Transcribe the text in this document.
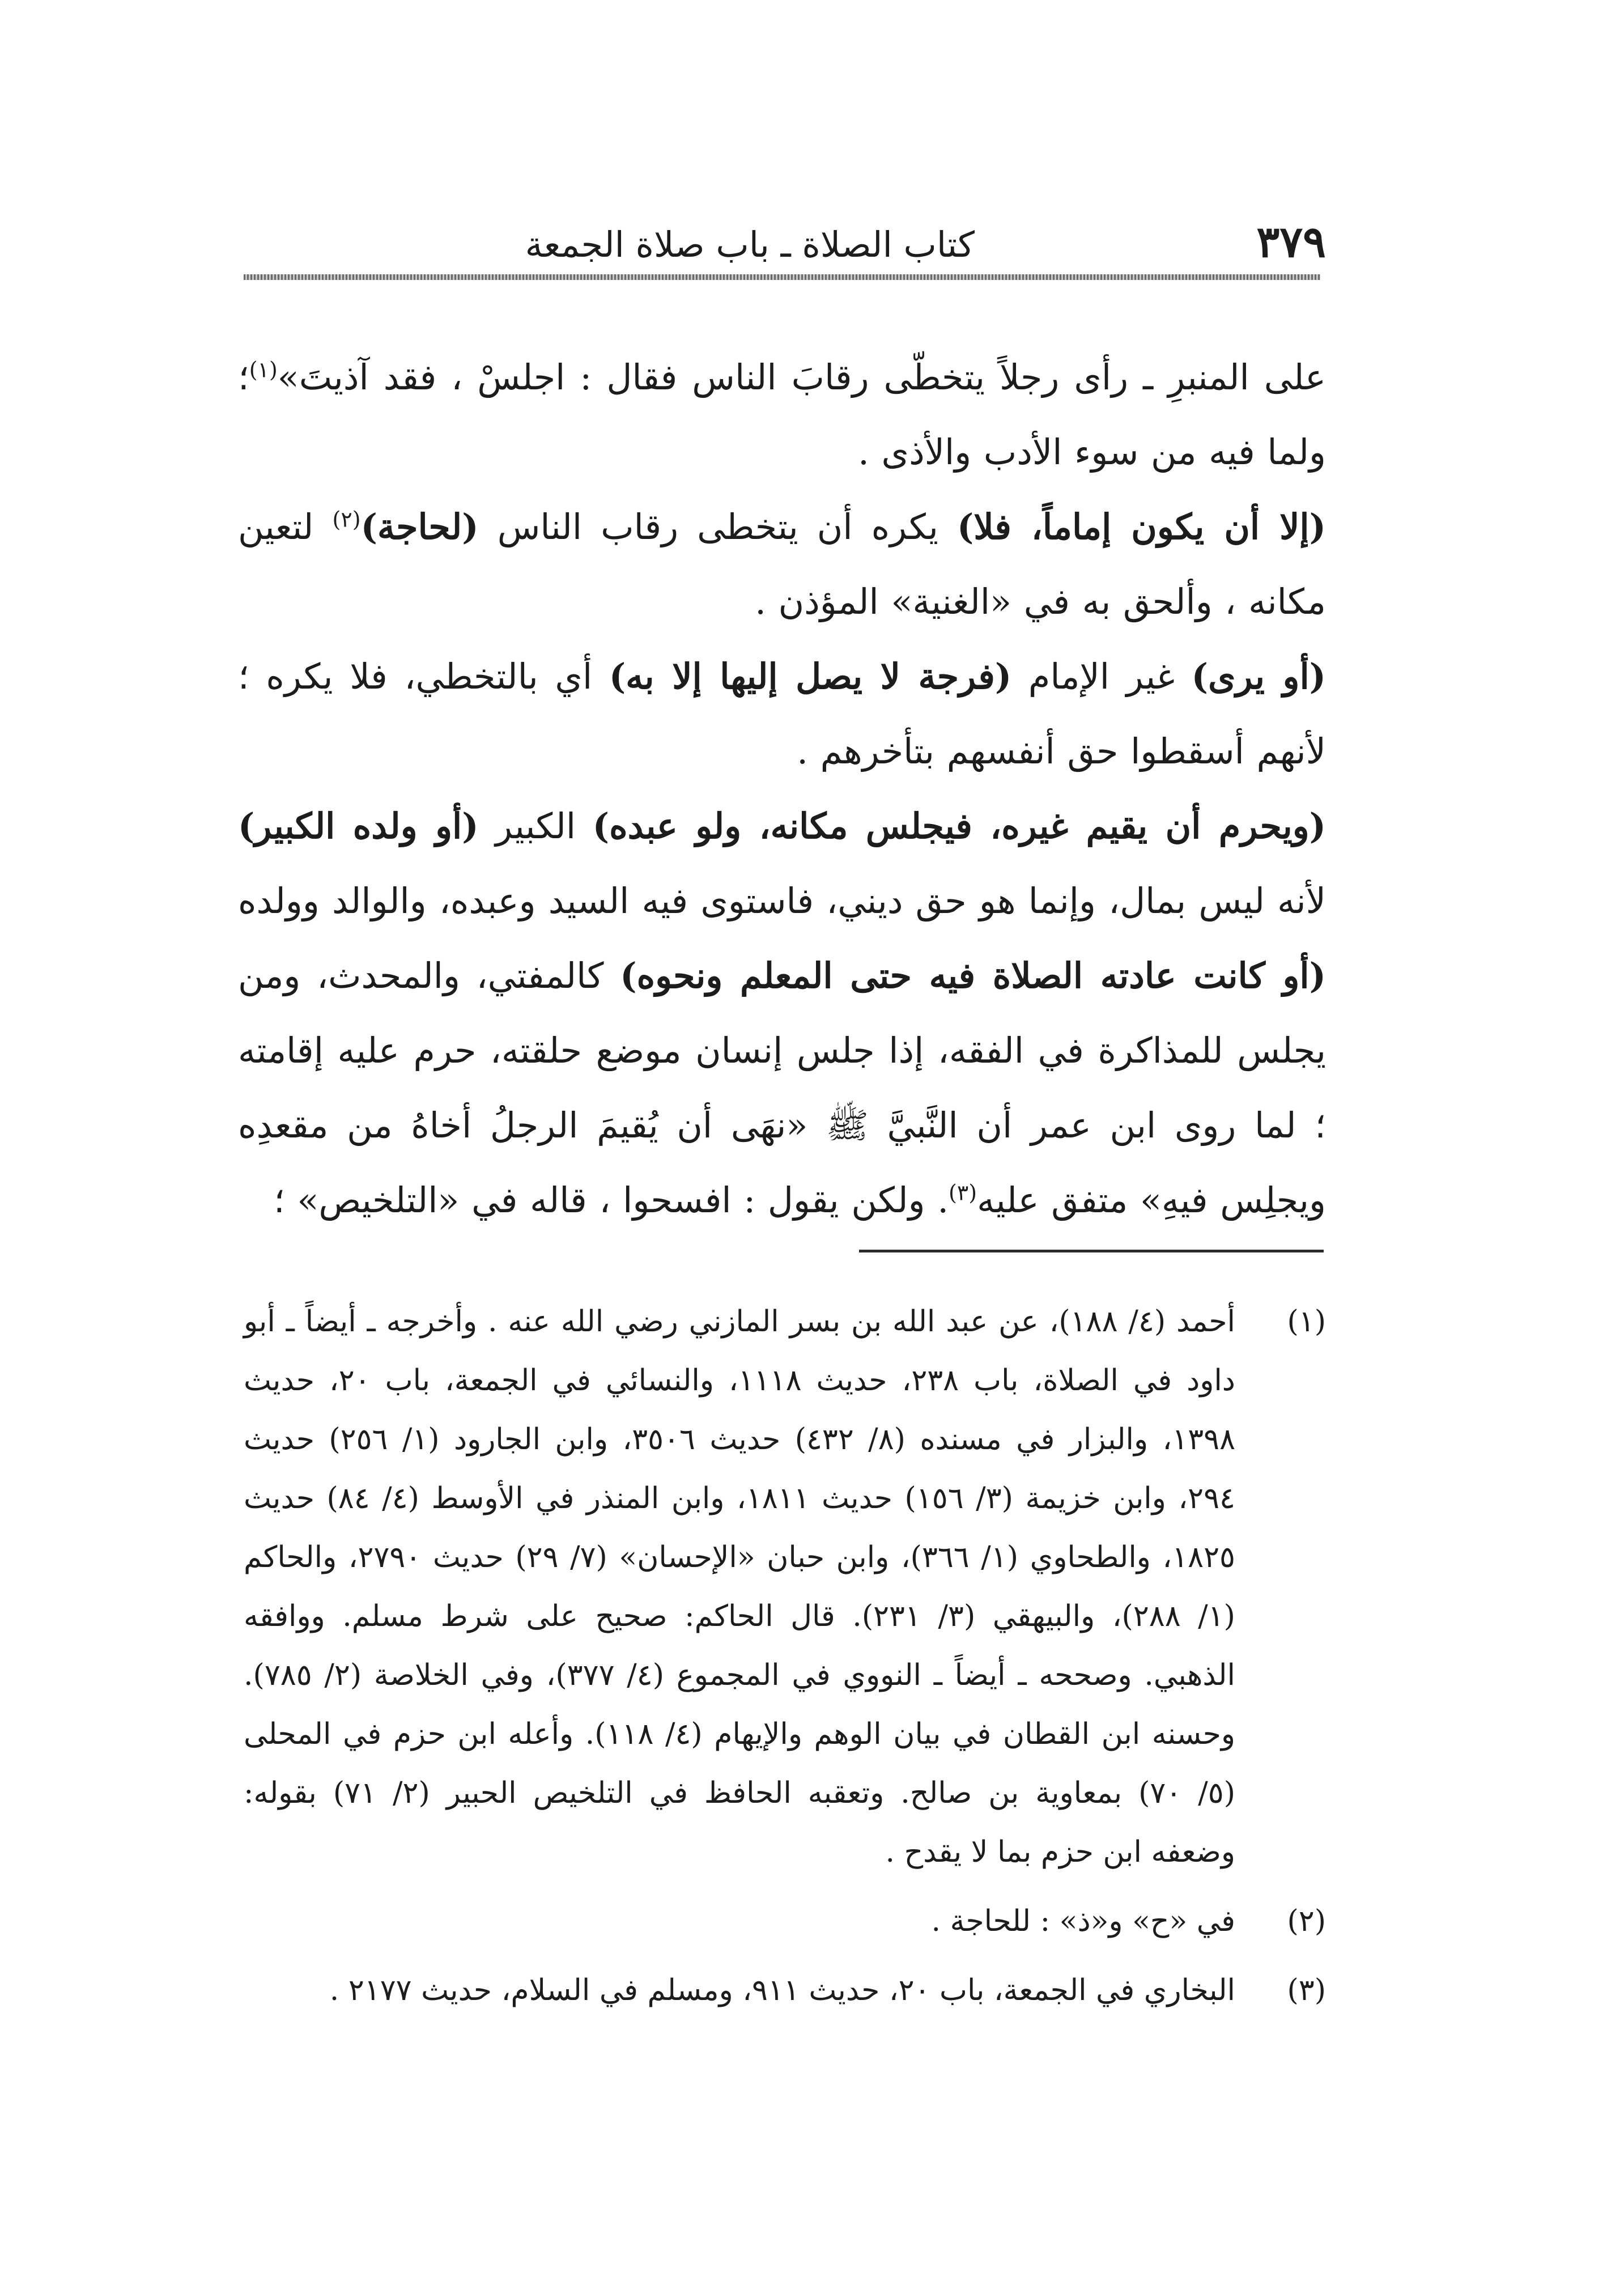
٣٧٩
كتاب الصلاة ـ باب صلاة الجمعة

على المنبرِ ـ رأى رجلاً يتخطّى رقابَ الناس فقال : اجلسْ ، فقد آذيتَ»$^{(١)}$؛ ولما فيه من سوء الأدب والأذى .

(إلا أن يكون إماماً، فلا) يكره أن يتخطى رقاب الناس (لحاجة)$^{(٢)}$ لتعين مكانه ، وألحق به في «الغنية» المؤذن .

(أو يرى) غير الإمام (فرجة لا يصل إليها إلا به) أي بالتخطي، فلا يكره ؛ لأنهم أسقطوا حق أنفسهم بتأخرهم .

(ويحرم أن يقيم غيره، فيجلس مكانه، ولو عبده) الكبير (أو ولده الكبير) لأنه ليس بمال، وإنما هو حق ديني، فاستوى فيه السيد وعبده، والوالد وولده (أو كانت عادته الصلاة فيه حتى المعلم ونحوه) كالمفتي، والمحدث، ومن يجلس للمذاكرة في الفقه، إذا جلس إنسان موضع حلقته، حرم عليه إقامته ؛ لما روى ابن عمر أن النَّبيَّ ﷺ «نهَى أن يُقيمَ الرجلُ أخاهُ من مقعدِه ويجلِس فيهِ» متفق عليه$^{(٣)}$. ولكن يقول : افسحوا ، قاله في «التلخيص» ؛

(١)
أحمد (٤/ ١٨٨)، عن عبد الله بن بسر المازني رضي الله عنه . وأخرجه ـ أيضاً ـ أبو داود في الصلاة، باب ٢٣٨، حديث ١١١٨، والنسائي في الجمعة، باب ٢٠، حديث ١٣٩٨، والبزار في مسنده (٨/ ٤٣٢) حديث ٣٥٠٦، وابن الجارود (١/ ٢٥٦) حديث ٢٩٤، وابن خزيمة (٣/ ١٥٦) حديث ١٨١١، وابن المنذر في الأوسط (٤/ ٨٤) حديث ١٨٢٥، والطحاوي (١/ ٣٦٦)، وابن حبان «الإحسان» (٧/ ٢٩) حديث ٢٧٩٠، والحاكم (١/ ٢٨٨)، والبيهقي (٣/ ٢٣١). قال الحاكم: صحيح على شرط مسلم. ووافقه الذهبي. وصححه ـ أيضاً ـ النووي في المجموع (٤/ ٣٧٧)، وفي الخلاصة (٢/ ٧٨٥). وحسنه ابن القطان في بيان الوهم والإيهام (٤/ ١١٨). وأعله ابن حزم في المحلى (٥/ ٧٠) بمعاوية بن صالح. وتعقبه الحافظ في التلخيص الحبير (٢/ ٧١) بقوله: وضعفه ابن حزم بما لا يقدح .
(٢)
في «ح» و«ذ» : للحاجة .
(٣)
البخاري في الجمعة، باب ٢٠، حديث ٩١١، ومسلم في السلام، حديث ٢١٧٧ .
